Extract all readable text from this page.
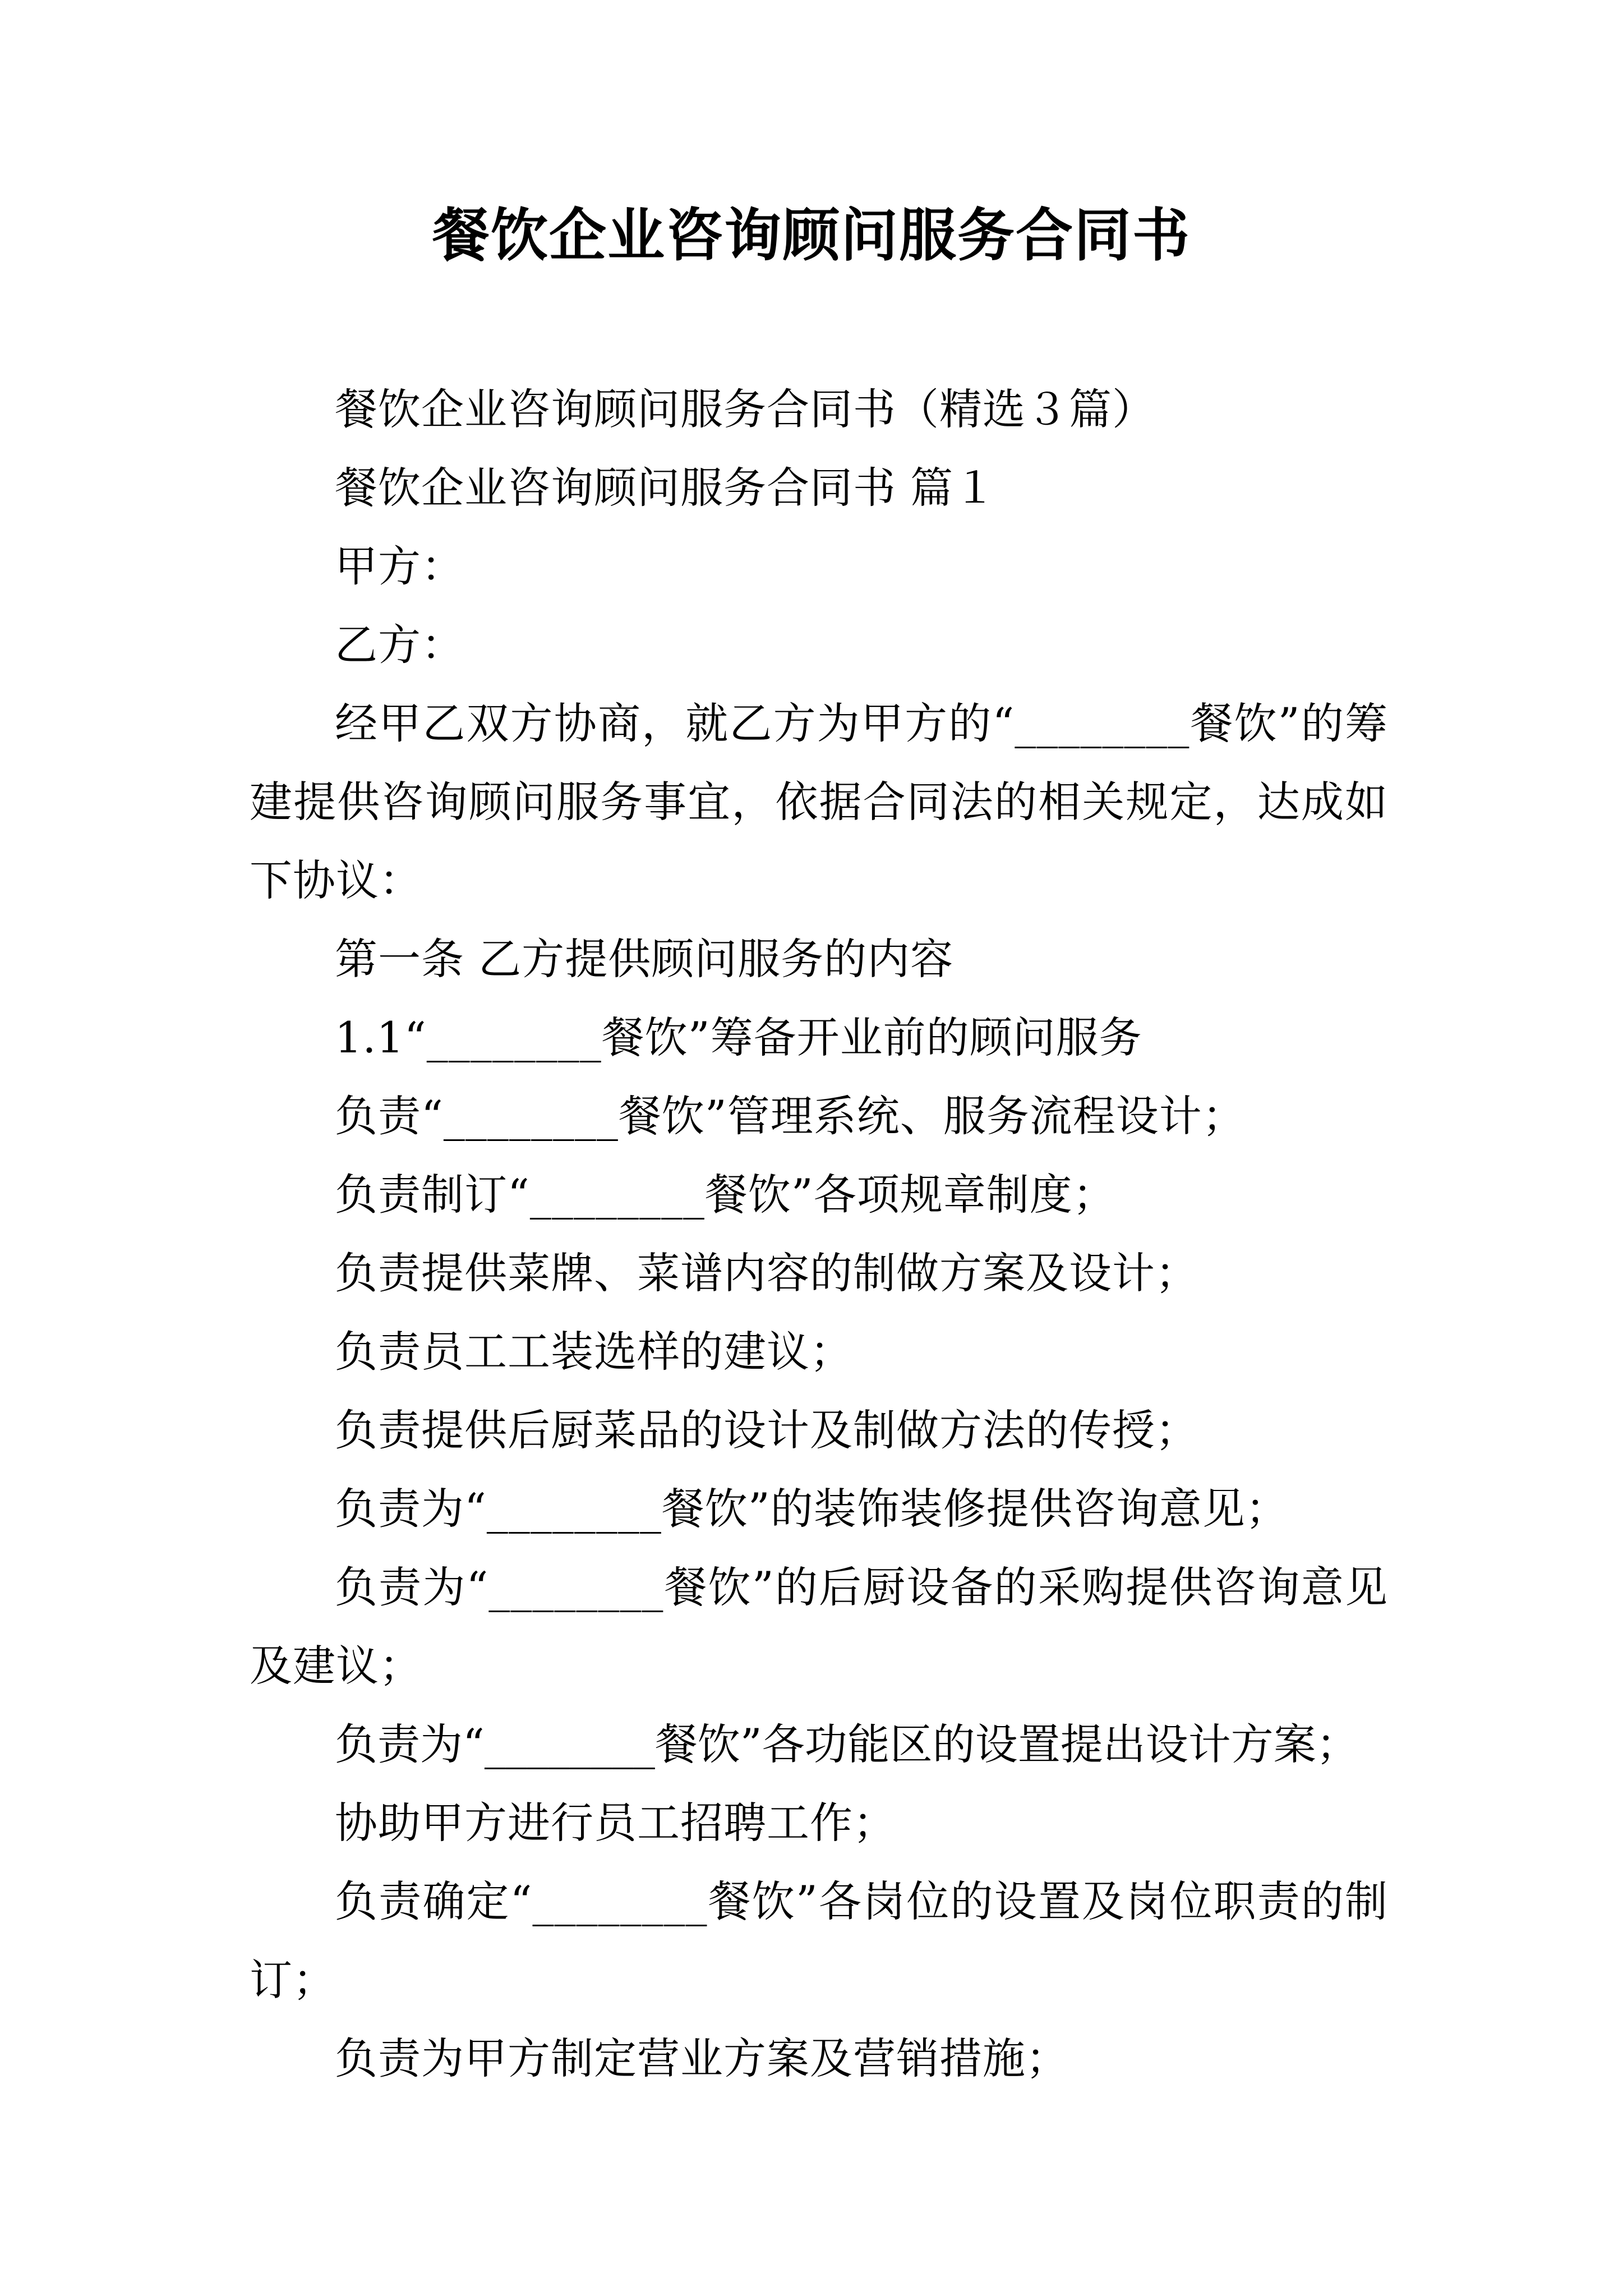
餐饮企业咨询顾问服务合同书

餐饮企业咨询顾问服务合同书（精选３篇）

餐饮企业咨询顾问服务合同书 篇１

甲方：

乙方：

经甲乙双方协商，就乙方为甲方的“________餐饮”的筹建提供咨询顾问服务事宜，依据合同法的相关规定，达成如下协议：

第一条 乙方提供顾问服务的内容

1.1“________餐饮”筹备开业前的顾问服务

负责“________餐饮”管理系统、服务流程设计；

负责制订“________餐饮”各项规章制度；

负责提供菜牌、菜谱内容的制做方案及设计；

负责员工工装选样的建议；

负责提供后厨菜品的设计及制做方法的传授；

负责为“________餐饮”的装饰装修提供咨询意见；

负责为“________餐饮”的后厨设备的采购提供咨询意见及建议；

负责为“________餐饮”各功能区的设置提出设计方案；

协助甲方进行员工招聘工作；

负责确定“________餐饮”各岗位的设置及岗位职责的制订；

负责为甲方制定营业方案及营销措施；
